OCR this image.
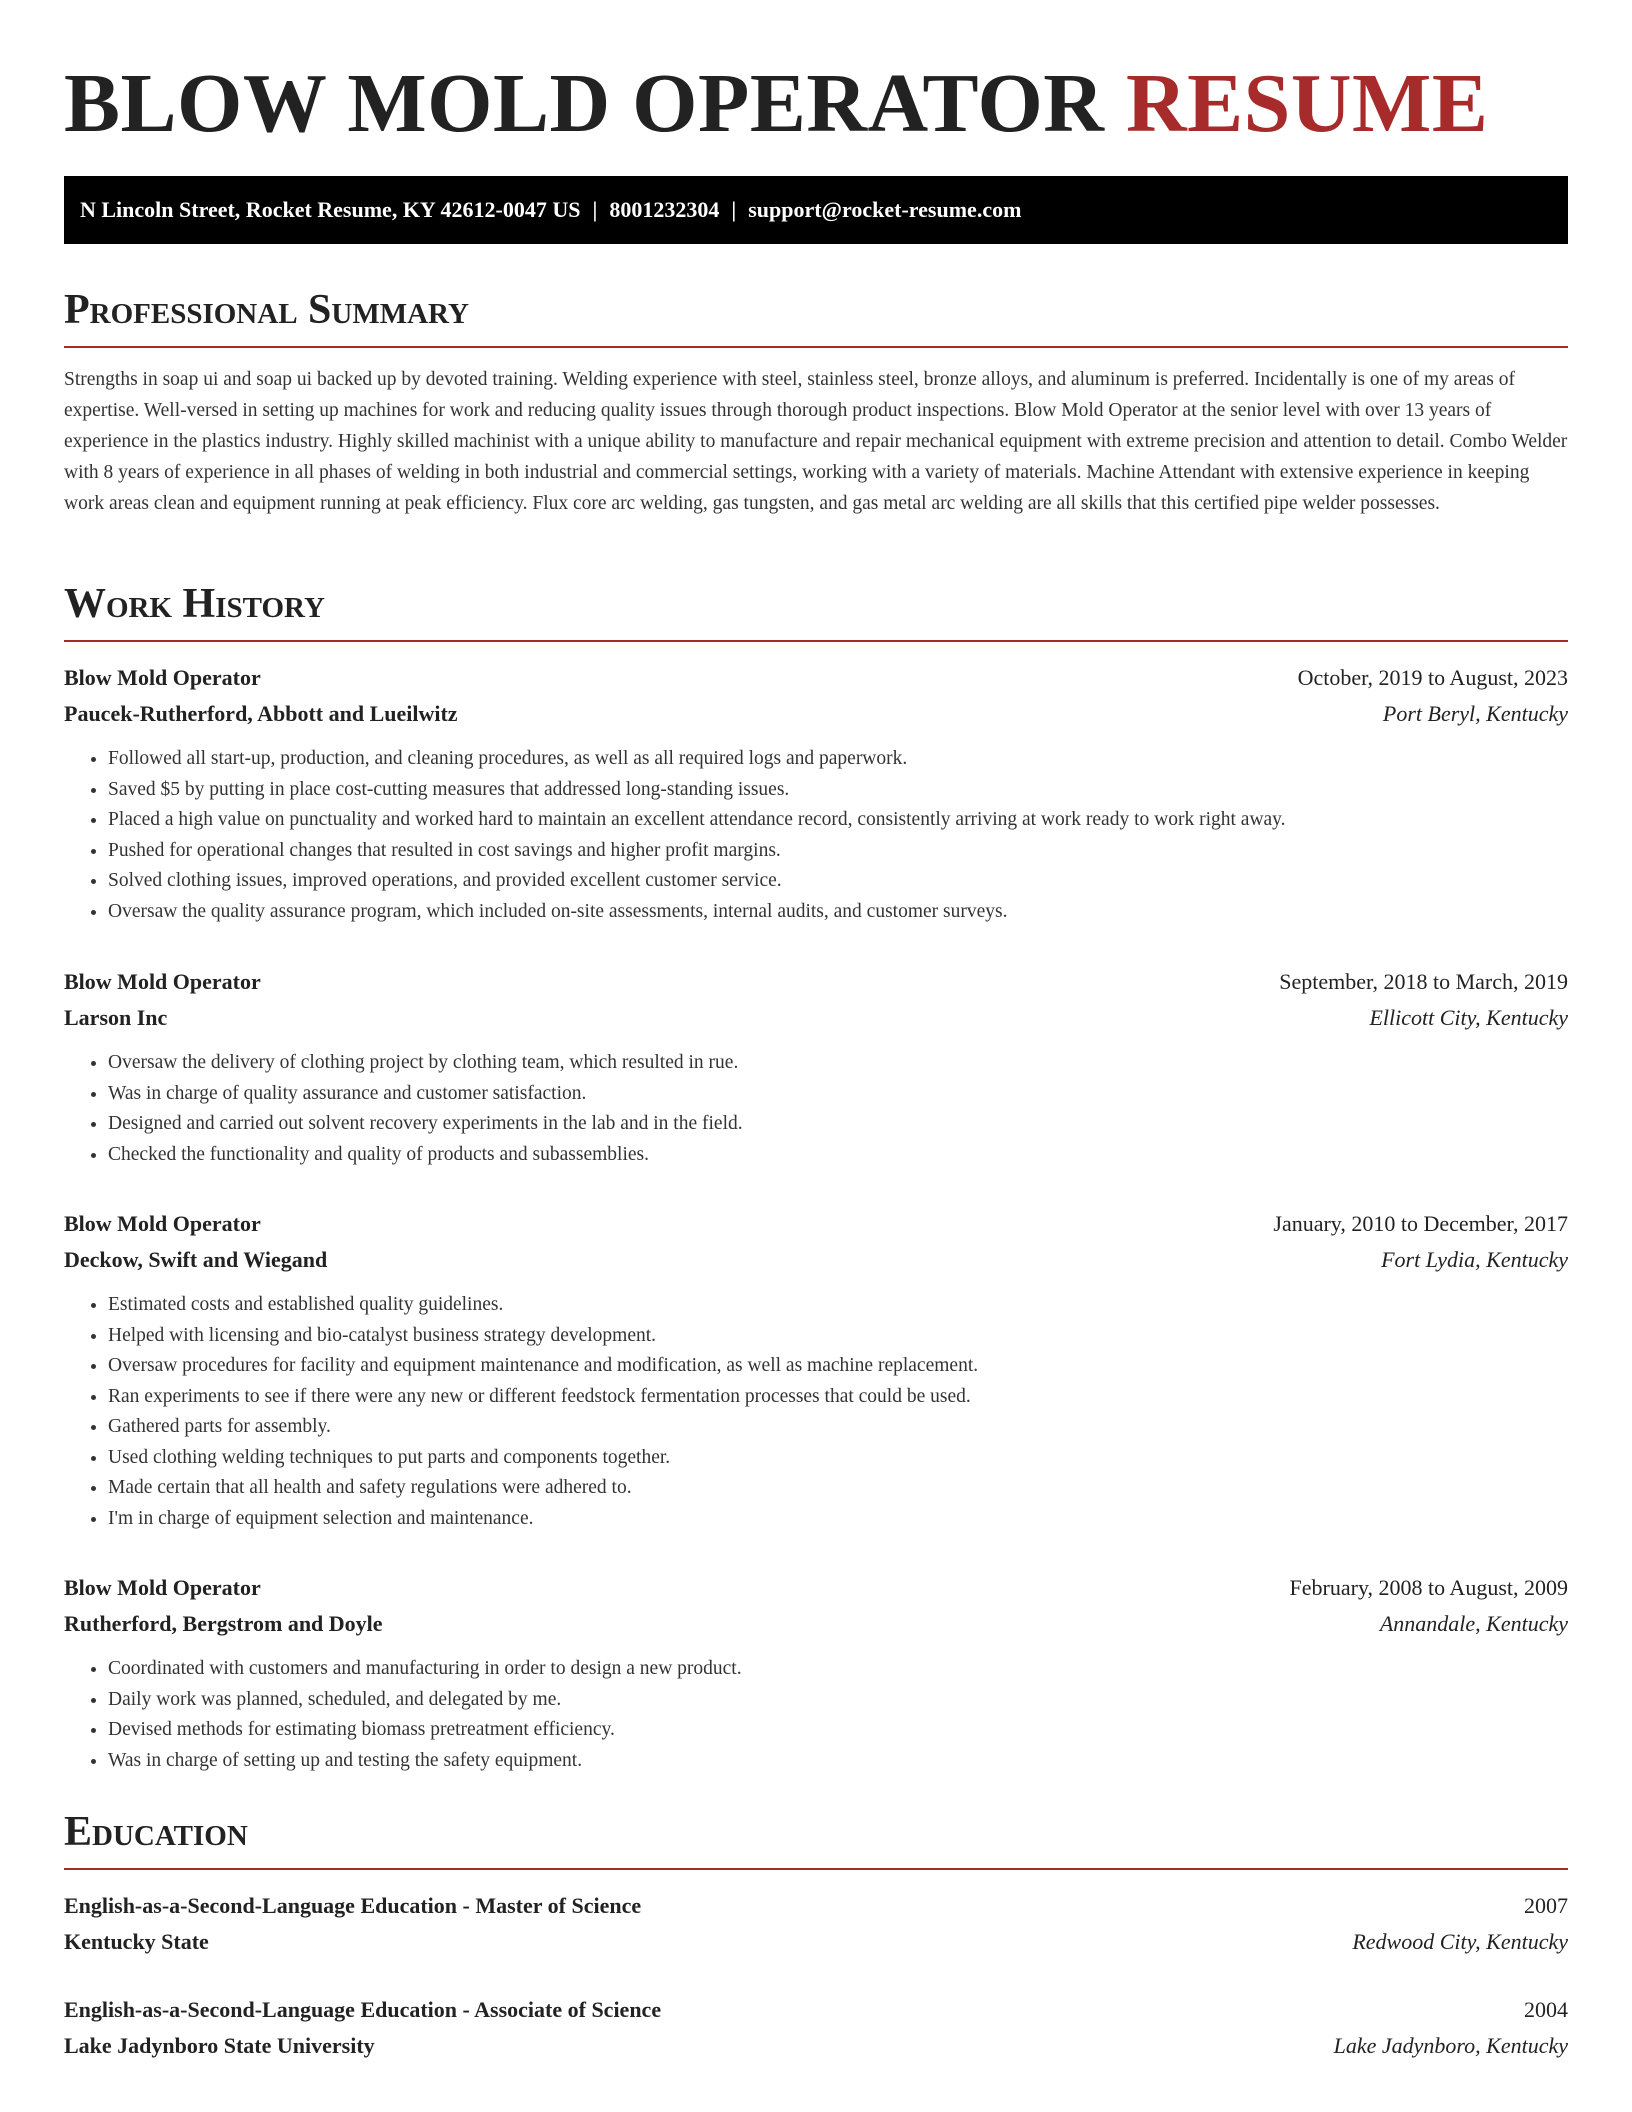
BLOW MOLD OPERATOR RESUME
N Lincoln Street, Rocket Resume, KY 42612-0047 US | 8001232304 | support@rocket-resume.com
Professional Summary

Strengths in soap ui and soap ui backed up by devoted training. Welding experience with steel, stainless steel, bronze alloys, and aluminum is preferred. Incidentally is one of my areas of expertise. Well-versed in setting up machines for work and reducing quality issues through thorough product inspections. Blow Mold Operator at the senior level with over 13 years of experience in the plastics industry. Highly skilled machinist with a unique ability to manufacture and repair mechanical equipment with extreme precision and attention to detail. Combo Welder with 8 years of experience in all phases of welding in both industrial and commercial settings, working with a variety of materials. Machine Attendant with extensive experience in keeping work areas clean and equipment running at peak efficiency. Flux core arc welding, gas tungsten, and gas metal arc welding are all skills that this certified pipe welder possesses.

Work History
Blow Mold Operator	October, 2019 to August, 2023
Paucek-Rutherford, Abbott and Lueilwitz	Port Beryl, Kentucky
• Followed all start-up, production, and cleaning procedures, as well as all required logs and paperwork.
• Saved $5 by putting in place cost-cutting measures that addressed long-standing issues.
• Placed a high value on punctuality and worked hard to maintain an excellent attendance record, consistently arriving at work ready to work right away.
• Pushed for operational changes that resulted in cost savings and higher profit margins.
• Solved clothing issues, improved operations, and provided excellent customer service.
• Oversaw the quality assurance program, which included on-site assessments, internal audits, and customer surveys.
Blow Mold Operator	September, 2018 to March, 2019
Larson Inc	Ellicott City, Kentucky
• Oversaw the delivery of clothing project by clothing team, which resulted in rue.
• Was in charge of quality assurance and customer satisfaction.
• Designed and carried out solvent recovery experiments in the lab and in the field.
• Checked the functionality and quality of products and subassemblies.
Blow Mold Operator	January, 2010 to December, 2017
Deckow, Swift and Wiegand	Fort Lydia, Kentucky
• Estimated costs and established quality guidelines.
• Helped with licensing and bio-catalyst business strategy development.
• Oversaw procedures for facility and equipment maintenance and modification, as well as machine replacement.
• Ran experiments to see if there were any new or different feedstock fermentation processes that could be used.
• Gathered parts for assembly.
• Used clothing welding techniques to put parts and components together.
• Made certain that all health and safety regulations were adhered to.
• I'm in charge of equipment selection and maintenance.
Blow Mold Operator	February, 2008 to August, 2009
Rutherford, Bergstrom and Doyle	Annandale, Kentucky
• Coordinated with customers and manufacturing in order to design a new product.
• Daily work was planned, scheduled, and delegated by me.
• Devised methods for estimating biomass pretreatment efficiency.
• Was in charge of setting up and testing the safety equipment.
Education
English-as-a-Second-Language Education - Master of Science	2007
Kentucky State	Redwood City, Kentucky
English-as-a-Second-Language Education - Associate of Science	2004
Lake Jadynboro State University	Lake Jadynboro, Kentucky
